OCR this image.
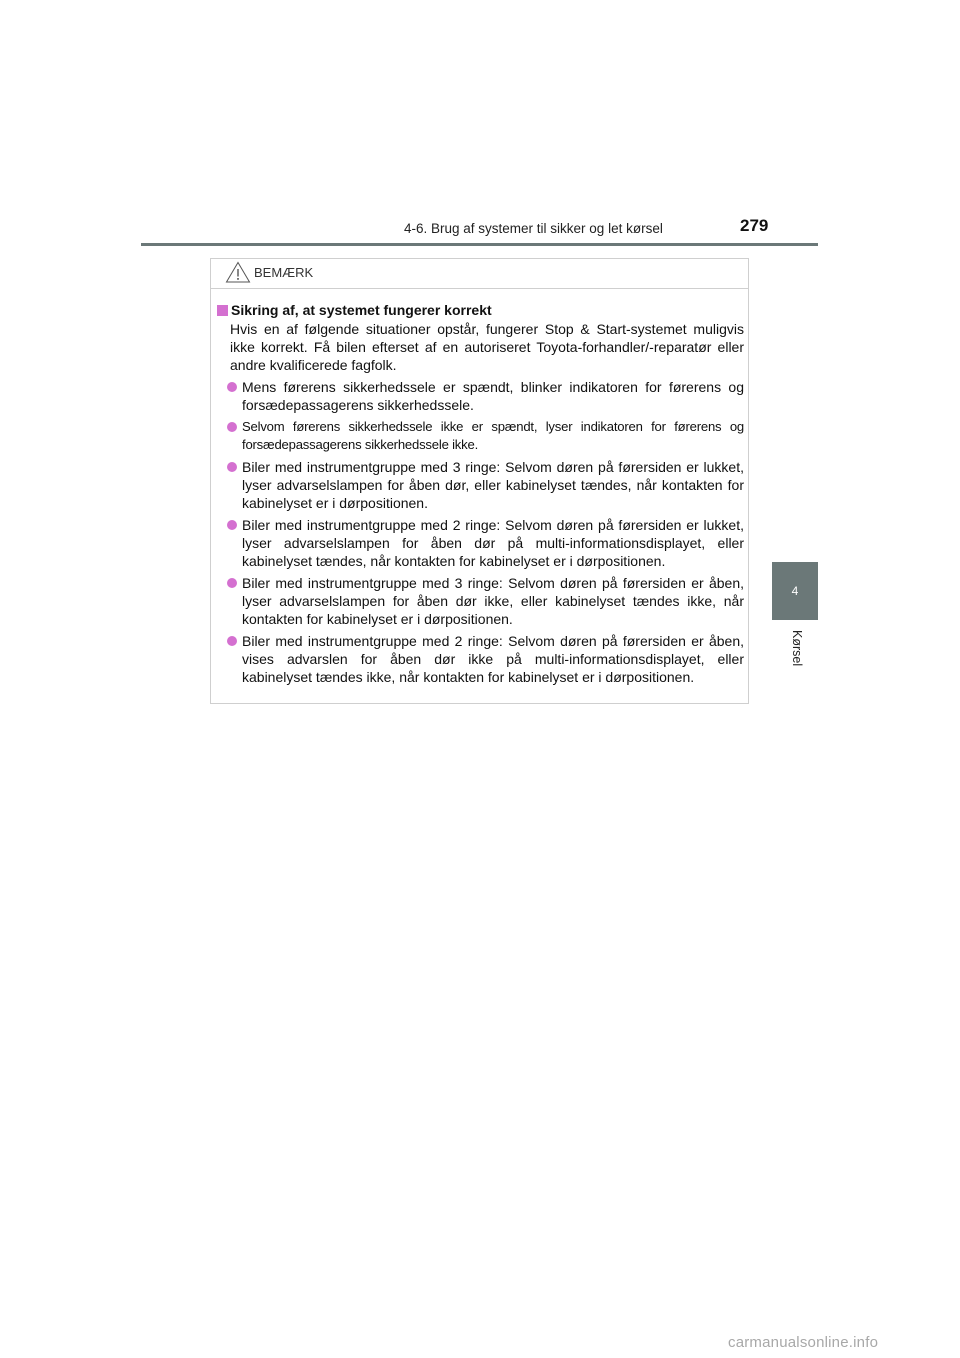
4-6. Brug af systemer til sikker og let kørsel	279
4
Kørsel
BEMÆRK
Sikring af, at systemet fungerer korrekt
Hvis en af følgende situationer opstår, fungerer Stop & Start-systemet muligvis ikke korrekt. Få bilen efterset af en autoriseret Toyota-forhandler/-reparatør eller andre kvalificerede fagfolk.
Mens førerens sikkerhedssele er spændt, blinker indikatoren for førerens og forsædepassagerens sikkerhedssele.
Selvom førerens sikkerhedssele ikke er spændt, lyser indikatoren for førerens og forsædepassagerens sikkerhedssele ikke.
Biler med instrumentgruppe med 3 ringe: Selvom døren på førersiden er lukket, lyser advarselslampen for åben dør, eller kabinelyset tændes, når kontakten for kabinelyset er i dørpositionen.
Biler med instrumentgruppe med 2 ringe: Selvom døren på førersiden er lukket, lyser advarselslampen for åben dør på multi-informationsdisplayet, eller kabinelyset tændes, når kontakten for kabinelyset er i dørpositionen.
Biler med instrumentgruppe med 3 ringe: Selvom døren på førersiden er åben, lyser advarselslampen for åben dør ikke, eller kabinelyset tændes ikke, når kontakten for kabinelyset er i dørpositionen.
Biler med instrumentgruppe med 2 ringe: Selvom døren på førersiden er åben, vises advarslen for åben dør ikke på multi-informationsdisplayet, eller kabinelyset tændes ikke, når kontakten for kabinelyset er i dørpositionen.
carmanualsonline.info
